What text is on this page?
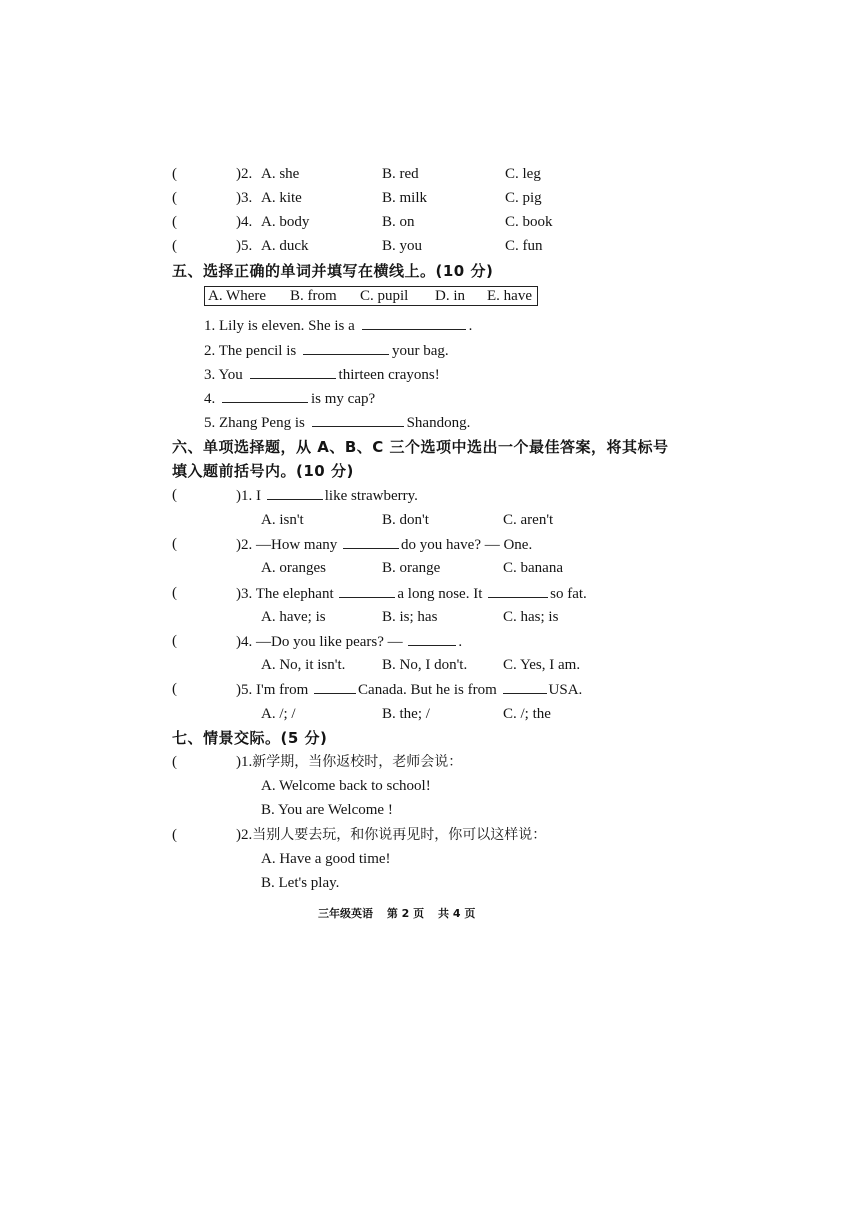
(	)2. A. she	B. red	C. leg
(	)3. A. kite	B. milk	C. pig
(	)4. A. body	B. on	C. book
(	)5. A. duck	B. you	C. fun
五、选择正确的单词并填写在横线上。(10 分)
A. Where B. from C. pupil D. in E. have
1. Lily is eleven. She is a	.
2. The pencil is	your bag.
3. You	thirteen crayons!
4.	is my cap?
5. Zhang Peng is	Shandong.
六、单项选择题，从 A、B、C 三个选项中选出一个最佳答案，将其标号
填入题前括号内。(10 分)
(	)1. I	like strawberry.
A. isn't	B. don't	C. aren't
(	)2. —How many	do you have? — One.
A. oranges	B. orange	C. banana
(	)3. The elephant	a long nose. It	so fat.
A. have; is	B. is; has	C. has; is
(	)4. —Do you like pears? —	.
A. No, it isn't. B. No, I don't. C. Yes, I am.
(	)5. I'm from	Canada. But he is from	USA.
A. /; /	B. the; /	C. /; the
七、情景交际。(5 分)
(	)1.新学期，当你返校时，老师会说：
A. Welcome back to school!
B. You are Welcome !
(	)2.当别人要去玩，和你说再见时，你可以这样说：
A. Have a good time!
B. Let's play.
三年级英语 第 2 页 共 4 页
